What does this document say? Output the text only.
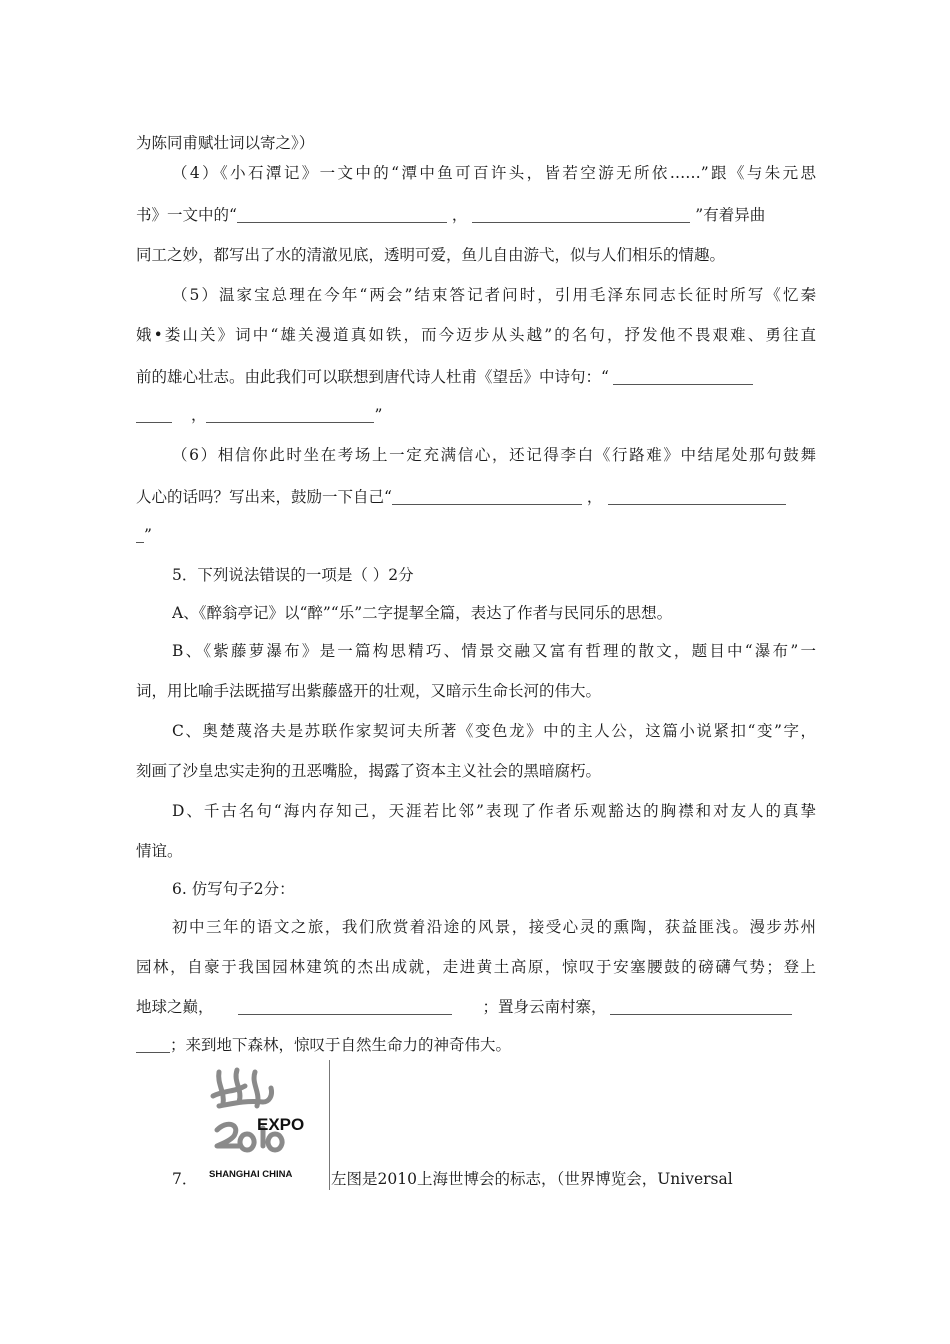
为陈同甫赋壮词以寄之》）
（4）《小石潭记》一文中的“潭中鱼可百许头，皆若空游无所依……”跟《与朱元思
书》一文中的“	，	”有着异曲
同工之妙，都写出了水的清澈见底，透明可爱，鱼儿自由游弋，似与人们相乐的情趣。
（5）温家宝总理在今年“两会”结束答记者问时，引用毛泽东同志长征时所写《忆秦
娥•娄山关》词中“雄关漫道真如铁，而今迈步从头越”的名句，抒发他不畏艰难、勇往直
前的雄心壮志。由此我们可以联想到唐代诗人杜甫《望岳》中诗句：“
，	”
（6）相信你此时坐在考场上一定充满信心，还记得李白《行路难》中结尾处那句鼓舞
人心的话吗？写出来，鼓励一下自己“	，
”
5．下列说法错误的一项是（ ）2分
A、《醉翁亭记》以“醉”“乐”二字提挈全篇，表达了作者与民同乐的思想。
B、《紫藤萝瀑布》是一篇构思精巧、情景交融又富有哲理的散文，题目中“瀑布”一
词，用比喻手法既描写出紫藤盛开的壮观，又暗示生命长河的伟大。
C、奥楚蔑洛夫是苏联作家契诃夫所著《变色龙》中的主人公，这篇小说紧扣“变”字，
刻画了沙皇忠实走狗的丑恶嘴脸，揭露了资本主义社会的黑暗腐朽。
D、千古名句“海内存知己，天涯若比邻”表现了作者乐观豁达的胸襟和对友人的真挚
情谊。
6. 仿写句子2分：
初中三年的语文之旅，我们欣赏着沿途的风景，接受心灵的熏陶，获益匪浅。漫步苏州
园林，自豪于我国园林建筑的杰出成就，走进黄土高原，惊叹于安塞腰鼓的磅礴气势；登上
地球之巅，	；置身云南村寨，
；来到地下森林，惊叹于自然生命力的神奇伟大。
EXPO
SHANGHAI CHINA
7．	左图是2010上海世博会的标志，（世界博览会，Universal
